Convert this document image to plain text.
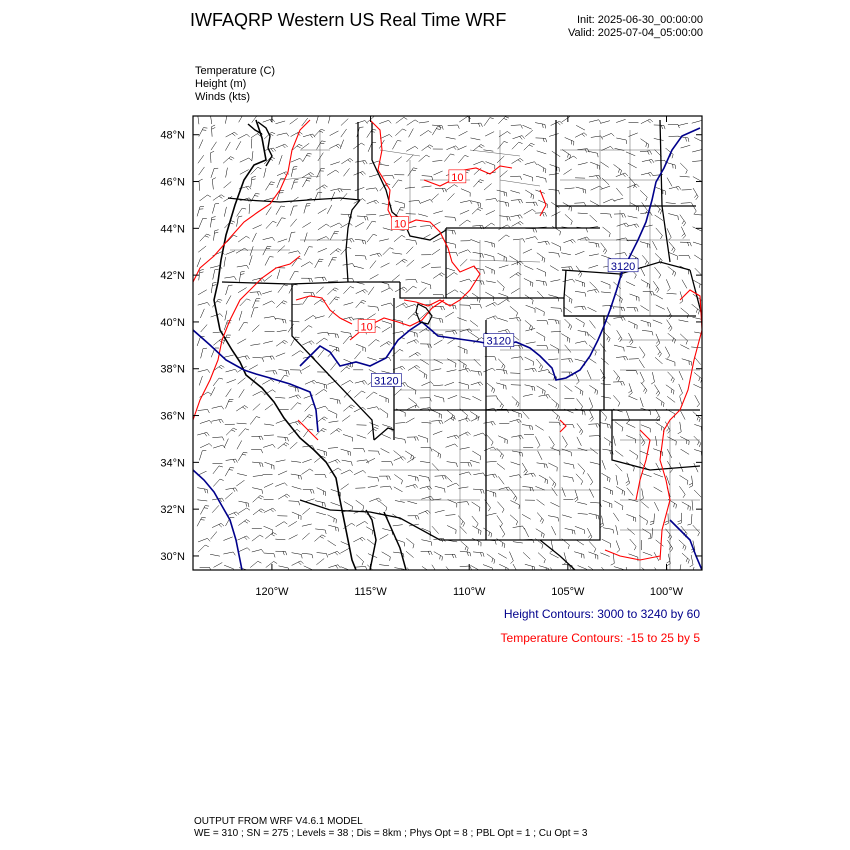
IWFAQRP Western US Real Time WRF	Init: 2025-06-30_00:00:00
Valid: 2025-07-04_05:00:00
Temperature (C)
Height (m)
Winds (kts)
48°N
46°N
44°N
42°N
40°N
38°N
36°N
34°N
32°N
30°N
120°W	115°W	110°W	105°W	100°W
3120
3120
3120
10
10
10
Height Contours: 3000 to 3240 by 60
Temperature Contours: -15 to 25 by 5
OUTPUT FROM WRF V4.6.1 MODEL
WE = 310 ; SN = 275 ; Levels = 38 ; Dis = 8km ; Phys Opt = 8 ; PBL Opt = 1 ; Cu Opt = 3
